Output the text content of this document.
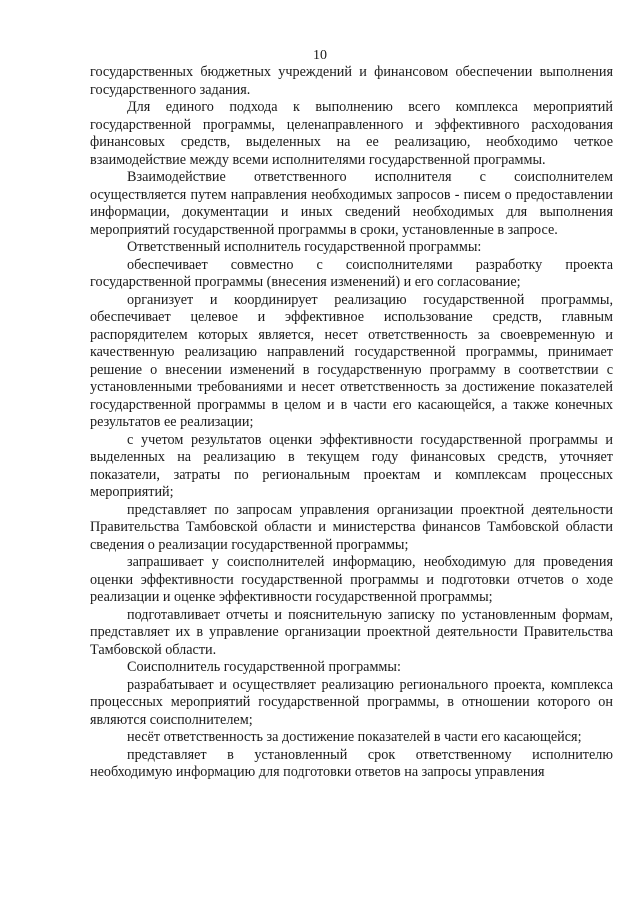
10

государственных бюджетных учреждений и финансовом обеспечении выполнения государственного задания.

Для единого подхода к выполнению всего комплекса мероприятий государственной программы, целенаправленного и эффективного расходования финансовых средств, выделенных на ее реализацию, необходимо четкое взаимодействие между всеми исполнителями государственной программы.

Взаимодействие ответственного исполнителя с соисполнителем осуществляется путем направления необходимых запросов - писем о предоставлении информации, документации и иных сведений необходимых для выполнения мероприятий государственной программы в сроки, установленные в запросе.

Ответственный исполнитель государственной программы:

обеспечивает совместно с соисполнителями разработку проекта государственной программы (внесения изменений) и его согласование;

организует и координирует реализацию государственной программы, обеспечивает целевое и эффективное использование средств, главным распорядителем которых является, несет ответственность за своевременную и качественную реализацию направлений государственной программы, принимает решение о внесении изменений в государственную программу в соответствии с установленными требованиями и несет ответственность за достижение показателей государственной программы в целом и в части его касающейся, а также конечных результатов ее реализации;

с учетом результатов оценки эффективности государственной программы и выделенных на реализацию в текущем году финансовых средств, уточняет показатели, затраты по региональным проектам и комплексам процессных мероприятий;

представляет по запросам управления организации проектной деятельности Правительства Тамбовской области и министерства финансов Тамбовской области сведения о реализации государственной программы;

запрашивает у соисполнителей информацию, необходимую для проведения оценки эффективности государственной программы и подготовки отчетов о ходе реализации и оценке эффективности государственной программы;

подготавливает отчеты и пояснительную записку по установленным формам, представляет их в управление организации проектной деятельности Правительства Тамбовской области.

Соисполнитель государственной программы:

разрабатывает и осуществляет реализацию регионального проекта, комплекса процессных мероприятий государственной программы, в отношении которого он являются соисполнителем;

несёт ответственность за достижение показателей в части его касающейся;

представляет в установленный срок ответственному исполнителю необходимую информацию для подготовки ответов на запросы управления
